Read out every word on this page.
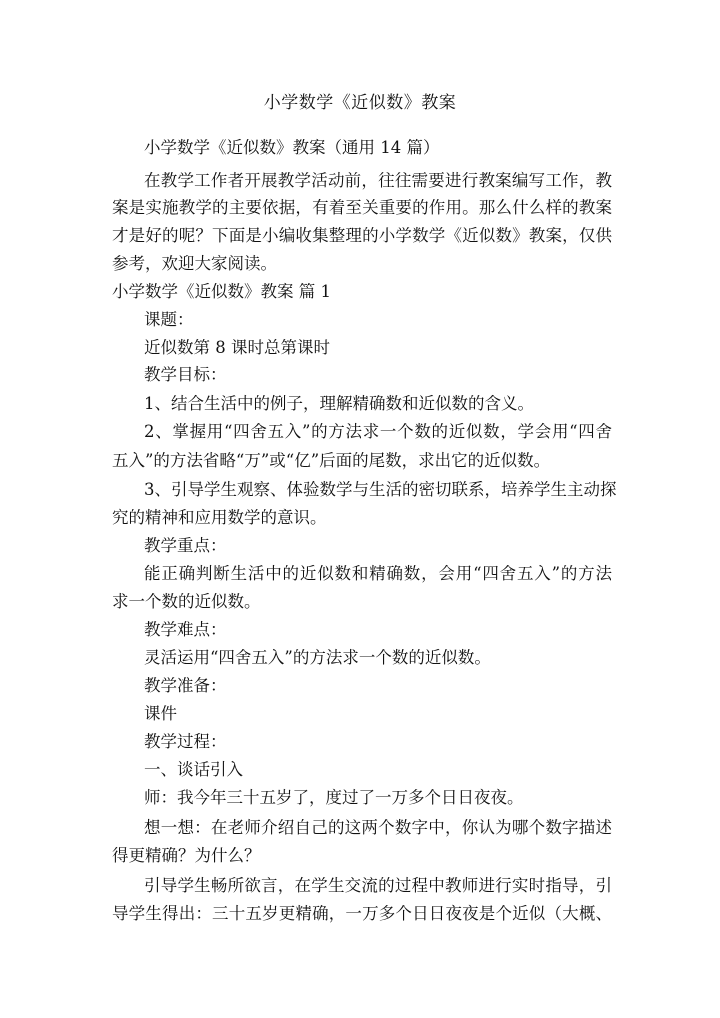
小学数学《近似数》教案
小学数学《近似数》教案（通用 14 篇）
在教学工作者开展教学活动前，往往需要进行教案编写工作，教
案是实施教学的主要依据，有着至关重要的作用。那么什么样的教案
才是好的呢？下面是小编收集整理的小学数学《近似数》教案，仅供
参考，欢迎大家阅读。
小学数学《近似数》教案 篇 1
课题：
近似数第 8 课时总第课时
教学目标：
1、结合生活中的例子，理解精确数和近似数的含义。
2、掌握用“四舍五入”的方法求一个数的近似数，学会用“四舍
五入”的方法省略“万”或“亿”后面的尾数，求出它的近似数。
3、引导学生观察、体验数学与生活的密切联系，培养学生主动探
究的精神和应用数学的意识。
教学重点：
能正确判断生活中的近似数和精确数，会用“四舍五入”的方法
求一个数的近似数。
教学难点：
灵活运用“四舍五入”的方法求一个数的近似数。
教学准备：
课件
教学过程：
一、谈话引入
师：我今年三十五岁了，度过了一万多个日日夜夜。
想一想：在老师介绍自己的这两个数字中，你认为哪个数字描述
得更精确？为什么？
引导学生畅所欲言，在学生交流的过程中教师进行实时指导，引
导学生得出：三十五岁更精确，一万多个日日夜夜是个近似（大概、
